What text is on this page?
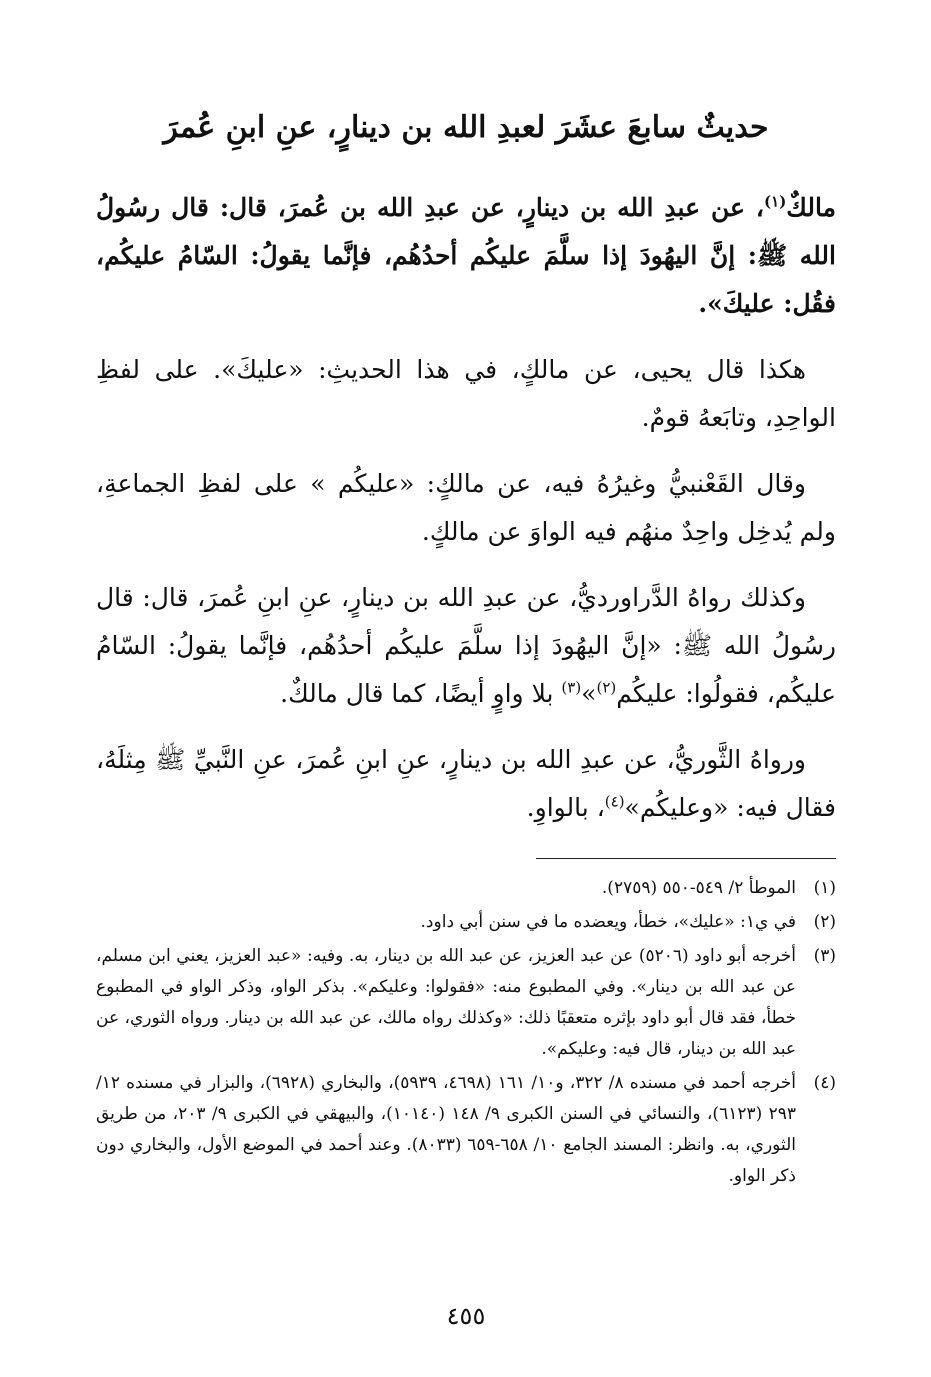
حديثٌ سابعَ عشَرَ لعبدِ الله بن دينارٍ، عنِ ابنِ عُمرَ

مالكٌ$^{(١)}$، عن عبدِ الله بن دينارٍ، عن عبدِ الله بن عُمرَ، قال: قال رسُولُ الله ﷺ: إنَّ اليهُودَ إذا سلَّمَ عليكُم أحدُهُم، فإنَّما يقولُ: السّامُ عليكُم، فقُل: عليكَ».

هكذا قال يحيى، عن مالكٍ، في هذا الحديثِ: «عليكَ». على لفظِ الواحِدِ، وتابَعهُ قومٌ.

وقال القَعْنبيُّ وغيرُهُ فيه، عن مالكٍ: «عليكُم » على لفظِ الجماعةِ، ولم يُدخِل واحِدٌ منهُم فيه الواوَ عن مالكٍ.

وكذلك رواهُ الدَّراورديُّ، عن عبدِ الله بن دينارٍ، عنِ ابنِ عُمرَ، قال: قال رسُولُ الله ﷺ: «إنَّ اليهُودَ إذا سلَّمَ عليكُم أحدُهُم، فإنَّما يقولُ: السّامُ عليكُم، فقولُوا: عليكُم$^{(٢)}$»$^{(٣)}$ بلا واوٍ أيضًا، كما قال مالكٌ.

ورواهُ الثَّوريُّ، عن عبدِ الله بن دينارٍ، عنِ ابنِ عُمرَ، عنِ النَّبيِّ ﷺ مِثلَهُ، فقال فيه: «وعليكُم»$^{(٤)}$، بالواوِ.

(١)الموطأ ٢/ ٥٤٩-٥٥٠ (٢٧٥٩).
(٢)في ي١: «عليك»، خطأ، ويعضده ما في سنن أبي داود.
(٣)أخرجه أبو داود (٥٢٠٦) عن عبد العزيز، عن عبد الله بن دينار، به. وفيه: «عبد العزيز، يعني ابن مسلم، عن عبد الله بن دينار». وفي المطبوع منه: «فقولوا: وعليكم». بذكر الواو، وذكر الواو في المطبوع خطأ، فقد قال أبو داود بإثره متعقبًا ذلك: «وكذلك رواه مالك، عن عبد الله بن دينار. ورواه الثوري، عن عبد الله بن دينار، قال فيه: وعليكم».
(٤)أخرجه أحمد في مسنده ٨/ ٣٢٢، و١٠/ ١٦١ (٤٦٩٨، ٥٩٣٩)، والبخاري (٦٩٢٨)، والبزار في مسنده ١٢/ ٢٩٣ (٦١٢٣)، والنسائي في السنن الكبرى ٩/ ١٤٨ (١٠١٤٠)، والبيهقي في الكبرى ٩/ ٢٠٣، من طريق الثوري، به. وانظر: المسند الجامع ١٠/ ٦٥٨-٦٥٩ (٨٠٣٣). وعند أحمد في الموضع الأول، والبخاري دون ذكر الواو.
٤٥٥
